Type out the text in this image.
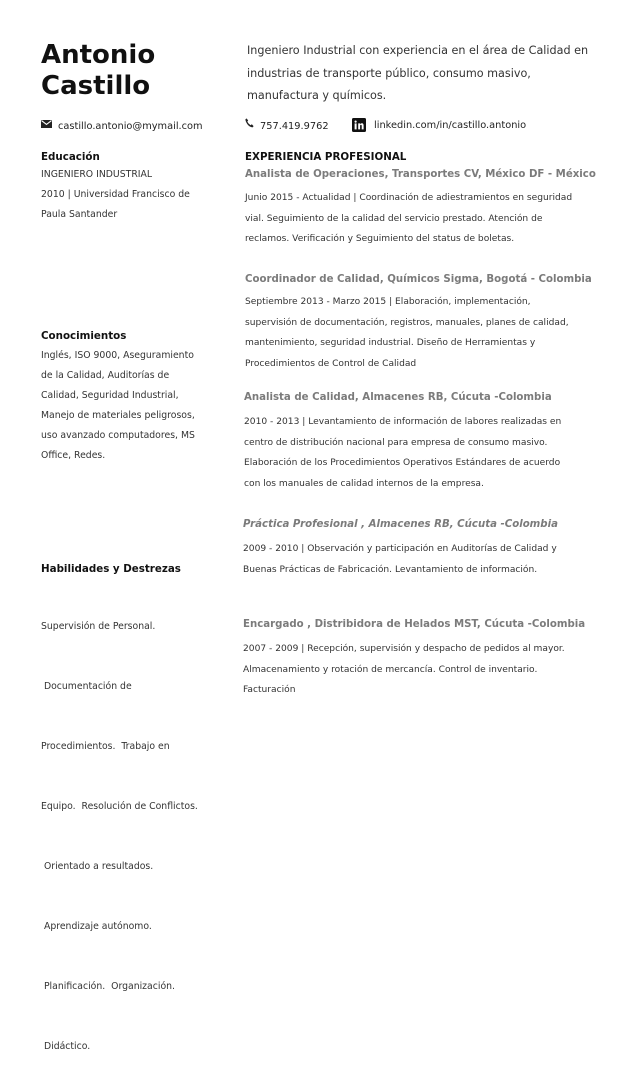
Antonio
Castillo
Ingeniero Industrial con experiencia en el área de Calidad en industrias de transporte público, consumo masivo, manufactura y químicos.
castillo.antonio@mymail.com	757.419.9762	linkedin.com/in/castillo.antonio
Educación
INGENIERO INDUSTRIAL
2010 | Universidad Francisco de
Paula Santander
Conocimientos
Inglés, ISO 9000, Aseguramiento
de la Calidad, Auditorías de
Calidad, Seguridad Industrial,
Manejo de materiales peligrosos,
uso avanzado computadores, MS
Office, Redes.
Habilidades y Destrezas

Supervisión de Personal.

Documentación de

Procedimientos.  Trabajo en

Equipo.  Resolución de Conflictos.

Orientado a resultados.

Aprendizaje autónomo.

Planificación.  Organización.

Didáctico.

EXPERIENCIA PROFESIONAL
Analista de Operaciones, Transportes CV, México DF - México
Junio 2015 - Actualidad | Coordinación de adiestramientos en seguridad
vial. Seguimiento de la calidad del servicio prestado. Atención de
reclamos. Verificación y Seguimiento del status de boletas.
Coordinador de Calidad, Químicos Sigma, Bogotá - Colombia
Septiembre 2013 - Marzo 2015 | Elaboración, implementación,
supervisión de documentación, registros, manuales, planes de calidad,
mantenimiento, seguridad industrial. Diseño de Herramientas y
Procedimientos de Control de Calidad
Analista de Calidad, Almacenes RB, Cúcuta -Colombia
2010 - 2013 | Levantamiento de información de labores realizadas en
centro de distribución nacional para empresa de consumo masivo.
Elaboración de los Procedimientos Operativos Estándares de acuerdo
con los manuales de calidad internos de la empresa.
Práctica Profesional , Almacenes RB, Cúcuta -Colombia
2009 - 2010 | Observación y participación en Auditorías de Calidad y
Buenas Prácticas de Fabricación. Levantamiento de información.
Encargado , Distribidora de Helados MST, Cúcuta -Colombia
2007 - 2009 | Recepción, supervisión y despacho de pedidos al mayor.
Almacenamiento y rotación de mercancía. Control de inventario.
Facturación
